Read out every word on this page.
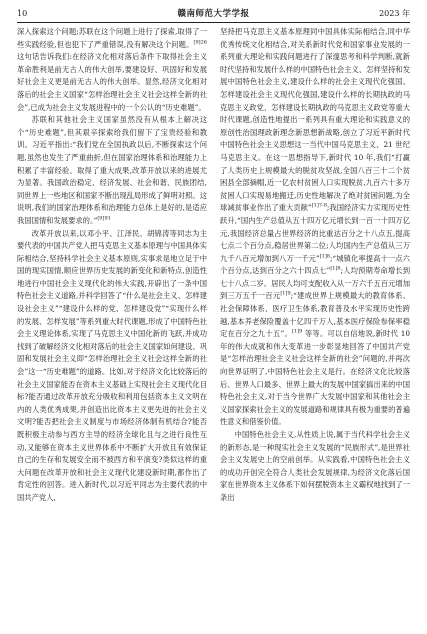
10	赣南师范大学学报	2023 年

深入探索这个问题;苏联在这个问题上进行了探索,取得了一些实践经验,但也犯下了严重错误,没有解决这个问题。$^{[9]26}$ 这句话告诉我们:在经济文化相对落后条件下取得社会主义革命胜利是前无古人的伟大创举,要建设好、巩固好和发展好社会主义更是前无古人的伟大创举。显然,经济文化相对落后的社会主义国家“怎样治理社会主义社会这样全新的社会”,已成为社会主义发展进程中的一个公认的“历史难题”。

苏联和其他社会主义国家虽然没有从根本上解决这个“历史难题”,但其艰辛探索给我们留下了宝贵经验和教训。习近平指出:“我们党在全国执政以后,不断探索这个问题,虽然也发生了严重曲折,但在国家治理体系和治理能力上积累了丰富经验、取得了重大成果,改革开放以来的进展尤为显著。我国政治稳定、经济发展、社会和谐、民族团结,同世界上一些地区和国家不断出现乱局形成了鲜明对照。这说明,我们的国家治理体系和治理能力总体上是好的,是适应我国国情和发展要求的。”$^{[9]91}$

改革开放以来,以邓小平、江泽民、胡锦涛等同志为主要代表的中国共产党人把马克思主义基本原理与中国具体实际相结合,坚持科学社会主义基本原则,实事求是地立足于中国的现实国情,顺应世界历史发展的新变化和新特点,创造性地进行中国社会主义现代化的伟大实践,开辟出了一条中国特色社会主义道路,并科学回答了“什么是社会主义、怎样建设社会主义”“建设什么样的党、怎样建设党”“实现什么样的发展、怎样发展”等系列重大时代课题,形成了中国特色社会主义理论体系,实现了马克思主义中国化新的飞跃,并成功找到了破解经济文化相对落后的社会主义国家如何建设、巩固和发展社会主义即“怎样治理社会主义社会这样全新的社会”这一“历史难题”的道路。比如,对于经济文化比较落后的社会主义国家能否在资本主义基础上实现社会主义现代化目标?能否通过改革开放充分吸收和利用包括资本主义文明在内的人类优秀成果,并创造出比资本主义更先进的社会主义文明?能否把社会主义制度与市场经济体制有机结合?能否既积极主动参与西方主导的经济全球化且与之进行良性互动,又能够在资本主义世界体系中不断扩大开放且有效保证自己的生存和发展安全而不被西方和平演变?类似这样的重大问题在改革开放和社会主义现代化建设新时期,都作出了肯定性的回答。进入新时代,以习近平同志为主要代表的中国共产党人,

坚持把马克思主义基本原理同中国具体实际相结合,同中华优秀传统文化相结合,对关系新时代党和国家事业发展的一系列重大理论和实践问题进行了深邃思考和科学判断,就新时代坚持和发展什么样的中国特色社会主义、怎样坚持和发展中国特色社会主义,建设什么样的社会主义现代化强国、怎样建设社会主义现代化强国,建设什么样的长期执政的马克思主义政党、怎样建设长期执政的马克思主义政党等重大时代课题,创造性地提出一系列具有重大理论和实践意义的原创性治国理政新理念新思想新战略,创立了习近平新时代中国特色社会主义思想这一当代中国马克思主义、21 世纪马克思主义。在这一思想指导下,新时代 10 年,我们“打赢了人类历史上规模最大的脱贫攻坚战,全国八百三十二个贫困县全部摘帽,近一亿农村贫困人口实现脱贫,九百六十多万贫困人口实现易地搬迁,历史性地解决了绝对贫困问题,为全球减贫事业作出了重大贡献”$^{[1]7-8}$;我国经济实力实现历史性跃升,“国内生产总值从五十四万亿元增长到一百一十四万亿元,我国经济总量占世界经济的比重达百分之十八点五,提高七点二个百分点,稳居世界第二位;人均国内生产总值从三万九千八百元增加到八万一千元”$^{[1]8}$;“城镇化率提高十一点六个百分点,达到百分之六十四点七”$^{[1]8}$;人均预期寿命增长到七十八点二岁。居民人均可支配收入从一万六千五百元增加到三万五千一百元$^{[1]9}$;“建成世界上规模最大的教育体系、社会保障体系、医疗卫生体系,教育普及水平实现历史性跨越,基本养老保险覆盖十亿四千万人,基本医疗保险参保率稳定在百分之九十五”。$^{[1]9}$ 等等。可以自信地说,新时代 10 年的伟大成就和伟大变革进一步彰显地回答了中国共产党是“怎样治理社会主义社会这样全新的社会”问题的,并再次向世界证明了,中国特色社会主义是行。在经济文化比较落后、世界人口最多、世界上最大的发展中国家搞出来的中国特色社会主义,对于当今世界广大发展中国家和其他社会主义国家探索社会主义的发展道路和规律具有极为重要的普遍性意义和借鉴价值。

中国特色社会主义,从性质上说,属于当代科学社会主义的新形态,是一种现实社会主义发展的“民族形式”,是世界社会主义发展史上的空前创举。从实践看,中国特色社会主义的成功开创完全符合人类社会发展规律,为经济文化落后国家在世界资本主义体系下如何摆脱资本主义霸权地找到了一条出
